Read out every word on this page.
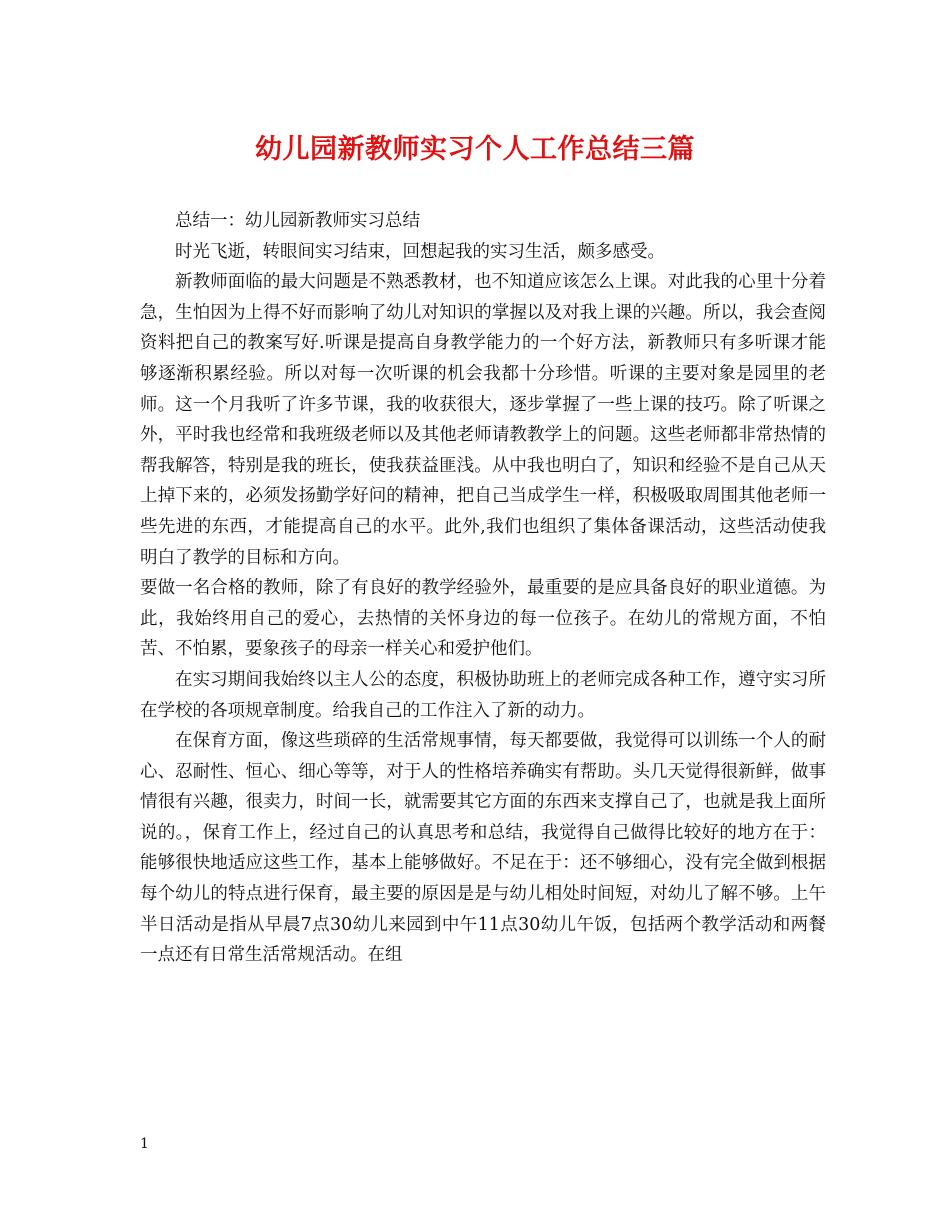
幼儿园新教师实习个人工作总结三篇

总结一：幼儿园新教师实习总结

时光飞逝，转眼间实习结束，回想起我的实习生活，颇多感受。

新教师面临的最大问题是不熟悉教材，也不知道应该怎么上课。对此我的心里十分着急，生怕因为上得不好而影响了幼儿对知识的掌握以及对我上课的兴趣。所以，我会查阅资料把自己的教案写好.听课是提高自身教学能力的一个好方法，新教师只有多听课才能够逐渐积累经验。所以对每一次听课的机会我都十分珍惜。听课的主要对象是园里的老师。这一个月我听了许多节课，我的收获很大，逐步掌握了一些上课的技巧。除了听课之外，平时我也经常和我班级老师以及其他老师请教教学上的问题。这些老师都非常热情的帮我解答，特别是我的班长，使我获益匪浅。从中我也明白了，知识和经验不是自己从天上掉下来的，必须发扬勤学好问的精神，把自己当成学生一样，积极吸取周围其他老师一些先进的东西，才能提高自己的水平。此外,我们也组织了集体备课活动，这些活动使我明白了教学的目标和方向。

要做一名合格的教师，除了有良好的教学经验外，最重要的是应具备良好的职业道德。为此，我始终用自己的爱心，去热情的关怀身边的每一位孩子。在幼儿的常规方面，不怕苦、不怕累，要象孩子的母亲一样关心和爱护他们。

在实习期间我始终以主人公的态度，积极协助班上的老师完成各种工作，遵守实习所在学校的各项规章制度。给我自己的工作注入了新的动力。

在保育方面，像这些琐碎的生活常规事情，每天都要做，我觉得可以训练一个人的耐心、忍耐性、恒心、细心等等，对于人的性格培养确实有帮助。头几天觉得很新鲜，做事情很有兴趣，很卖力，时间一长，就需要其它方面的东西来支撑自己了，也就是我上面所说的。，保育工作上，经过自己的认真思考和总结，我觉得自己做得比较好的地方在于：能够很快地适应这些工作，基本上能够做好。不足在于：还不够细心，没有完全做到根据每个幼儿的特点进行保育，最主要的原因是是与幼儿相处时间短，对幼儿了解不够。上午半日活动是指从早晨7点30幼儿来园到中午11点30幼儿午饭，包括两个教学活动和两餐一点还有日常生活常规活动。在组

1
